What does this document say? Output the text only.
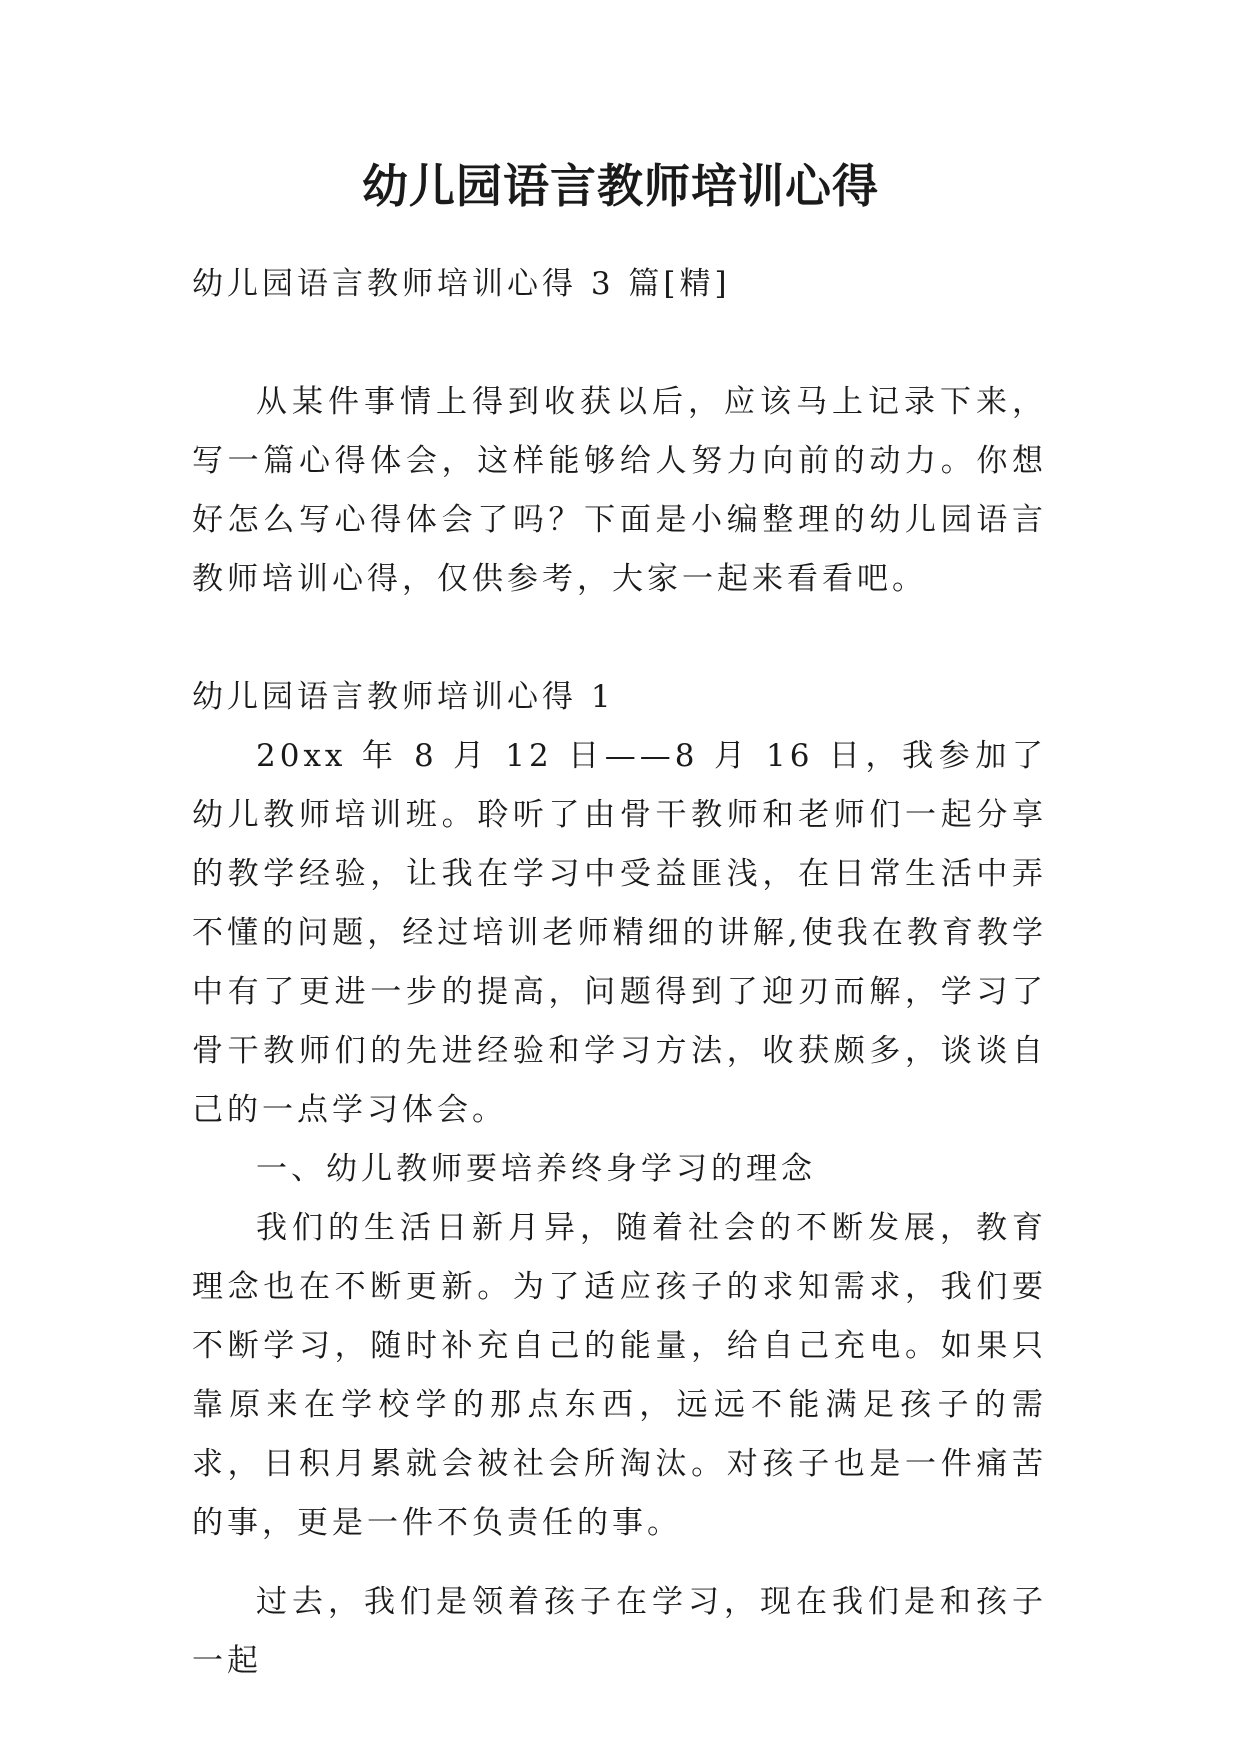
幼儿园语言教师培训心得

幼儿园语言教师培训心得 3 篇[精]

从某件事情上得到收获以后，应该马上记录下来，写一篇心得体会，这样能够给人努力向前的动力。你想好怎么写心得体会了吗？下面是小编整理的幼儿园语言教师培训心得，仅供参考，大家一起来看看吧。

幼儿园语言教师培训心得 1

20xx 年 8 月 12 日——8 月 16 日，我参加了幼儿教师培训班。聆听了由骨干教师和老师们一起分享的教学经验，让我在学习中受益匪浅，在日常生活中弄不懂的问题，经过培训老师精细的讲解,使我在教育教学中有了更进一步的提高，问题得到了迎刃而解，学习了骨干教师们的先进经验和学习方法，收获颇多，谈谈自己的一点学习体会。

一、幼儿教师要培养终身学习的理念

我们的生活日新月异，随着社会的不断发展，教育理念也在不断更新。为了适应孩子的求知需求，我们要不断学习，随时补充自己的能量，给自己充电。如果只靠原来在学校学的那点东西，远远不能满足孩子的需求，日积月累就会被社会所淘汰。对孩子也是一件痛苦的事，更是一件不负责任的事。

过去，我们是领着孩子在学习，现在我们是和孩子一起
